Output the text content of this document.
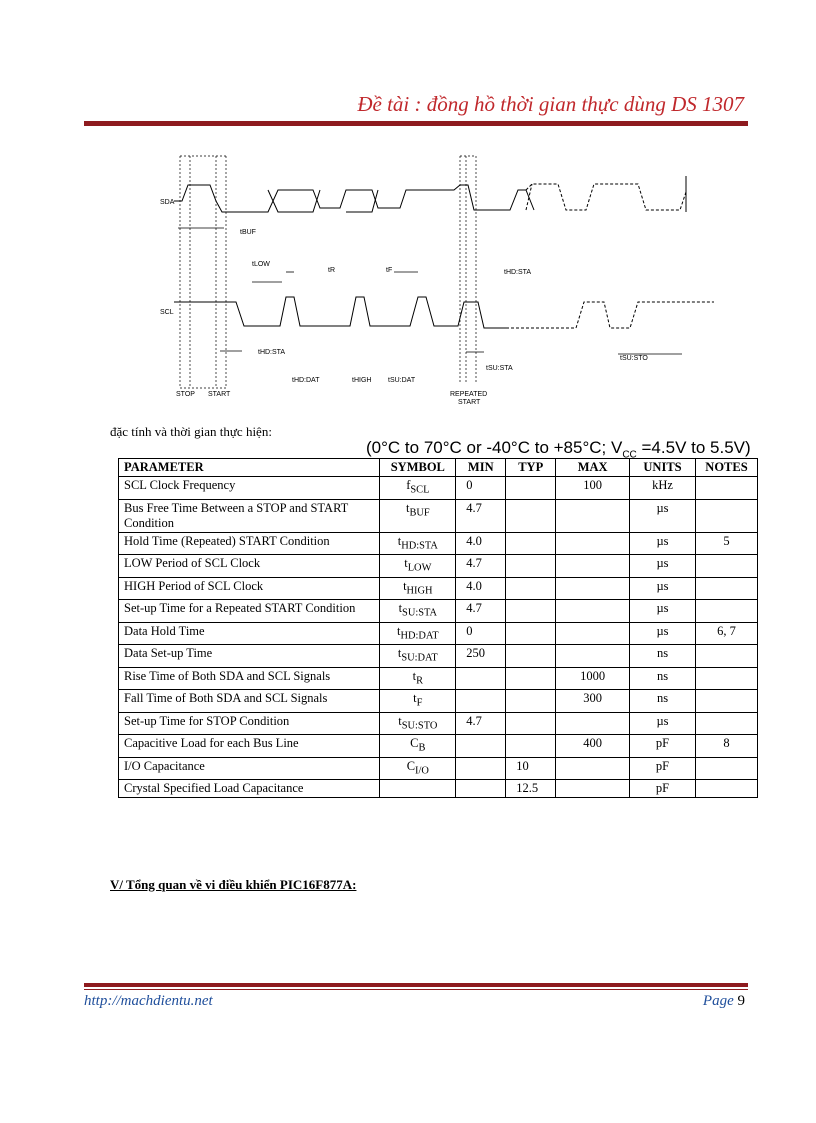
Đề tài : đồng hồ thời gian thực dùng DS 1307
SDA
SCL
tBUF
tLOW
tR	tF	tHD:STA
tHD:STA
tHD:DAT	tHIGH tSU:DAT
tSU:STA
tSU:STO
STOP START	REPEATED
START
đặc tính và thời gian thực hiện:
(0°C to 70°C or -40°C to +85°C; $V_{CC} =4.5V$ to 5.5V)
PARAMETER	SYMBOL	MIN	TYP	MAX	UNITS	NOTES
SCL Clock Frequency	$f_{SCL}$	0		100	kHz	
Bus Free Time Between a STOP and START Condition	$t_{BUF}$	4.7			µs	
Hold Time (Repeated) START Condition	$t_{HD:STA}$	4.0			µs	5
LOW Period of SCL Clock	$t_{LOW}$	4.7			µs	
HIGH Period of SCL Clock	$t_{HIGH}$	4.0			µs	
Set-up Time for a Repeated START Condition	$t_{SU:STA}$	4.7			µs	
Data Hold Time	$t_{HD:DAT}$	0			µs	6, 7
Data Set-up Time	$t_{SU:DAT}$	250			ns	
Rise Time of Both SDA and SCL Signals	$t_R$			1000	ns	
Fall Time of Both SDA and SCL Signals	$t_F$			300	ns	
Set-up Time for STOP Condition	$t_{SU:STO}$	4.7			µs	
Capacitive Load for each Bus Line	$C_B$			400	pF	8
I/O Capacitance	$C_{I/O}$		10		pF	
Crystal Specified Load Capacitance			12.5		pF	
V/ Tổng quan về vi điều khiển PIC16F877A:
http://machdientu.net	Page 9
